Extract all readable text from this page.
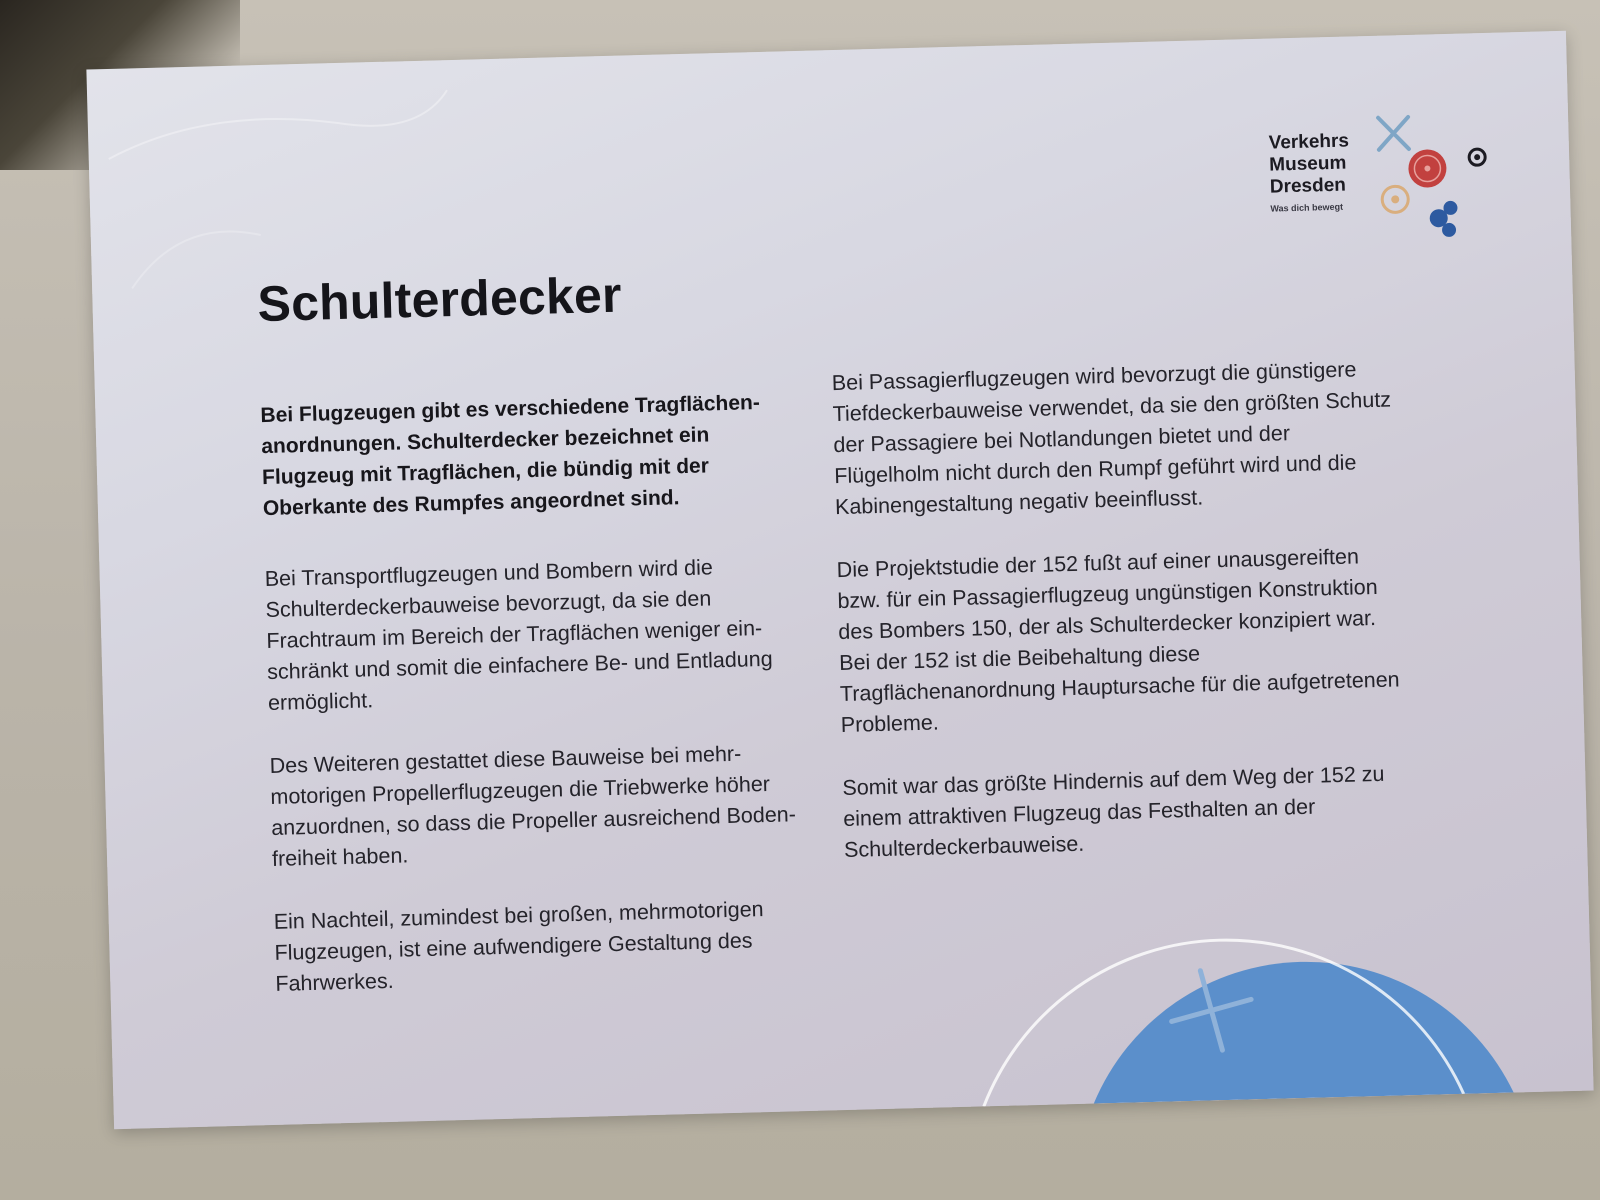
Verkehrs
Museum
Dresden
Was dich bewegt
Schulterdecker

Bei Flugzeugen gibt es verschiedene Tragflächenanordnungen. Schulterdecker bezeichnet ein Flugzeug mit Tragflächen, die bündig mit der Oberkante des Rumpfes angeordnet sind.

Bei Transportflugzeugen und Bombern wird die Schulterdeckerbauweise bevorzugt, da sie den Frachtraum im Bereich der Tragflächen weniger einschränkt und somit die einfachere Be- und Entladung ermöglicht.

Des Weiteren gestattet diese Bauweise bei mehrmotorigen Propellerflugzeugen die Triebwerke höher anzuordnen, so dass die Propeller ausreichend Bodenfreiheit haben.

Ein Nachteil, zumindest bei großen, mehrmotorigen Flugzeugen, ist eine aufwendigere Gestaltung des Fahrwerkes.

Bei Passagierflugzeugen wird bevorzugt die günstigere Tiefdeckerbauweise verwendet, da sie den größten Schutz der Passagiere bei Notlandungen bietet und der Flügelholm nicht durch den Rumpf geführt wird und die Kabinengestaltung negativ beeinflusst.

Die Projektstudie der 152 fußt auf einer unausgereiften bzw. für ein Passagierflugzeug ungünstigen Konstruktion des Bombers 150, der als Schulterdecker konzipiert war. Bei der 152 ist die Beibehaltung diese Tragflächenanordnung Hauptursache für die aufgetretenen Probleme.

Somit war das größte Hindernis auf dem Weg der 152 zu einem attraktiven Flugzeug das Festhalten an der Schulterdeckerbauweise.
